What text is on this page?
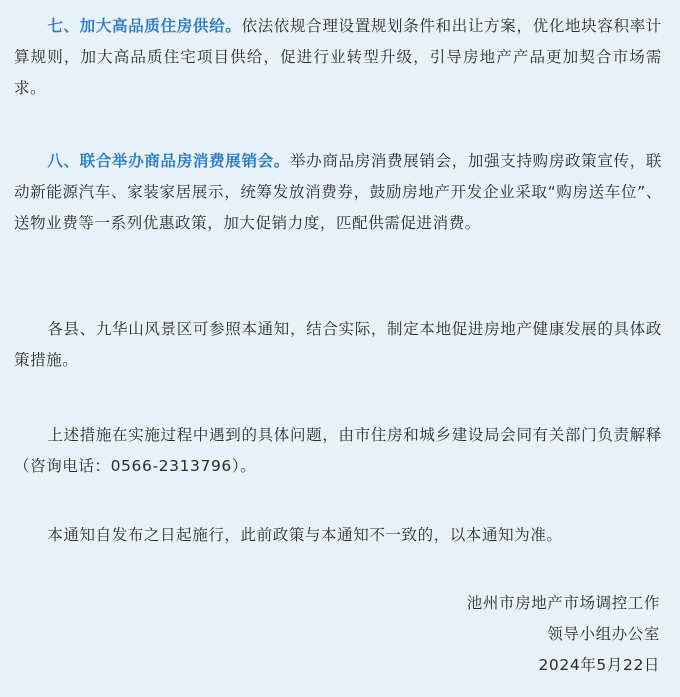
七、加大高品质住房供给。依法依规合理设置规划条件和出让方案，优化地块容积率计算规则，加大高品质住宅项目供给，促进行业转型升级，引导房地产产品更加契合市场需求。

八、联合举办商品房消费展销会。举办商品房消费展销会，加强支持购房政策宣传，联动新能源汽车、家装家居展示，统筹发放消费券，鼓励房地产开发企业采取“购房送车位”、送物业费等一系列优惠政策，加大促销力度，匹配供需促进消费。

各县、九华山风景区可参照本通知，结合实际，制定本地促进房地产健康发展的具体政策措施。

上述措施在实施过程中遇到的具体问题，由市住房和城乡建设局会同有关部门负责解释（咨询电话：0566-2313796）。

本通知自发布之日起施行，此前政策与本通知不一致的，以本通知为准。

池州市房地产市场调控工作

领导小组办公室

2024年5月22日
